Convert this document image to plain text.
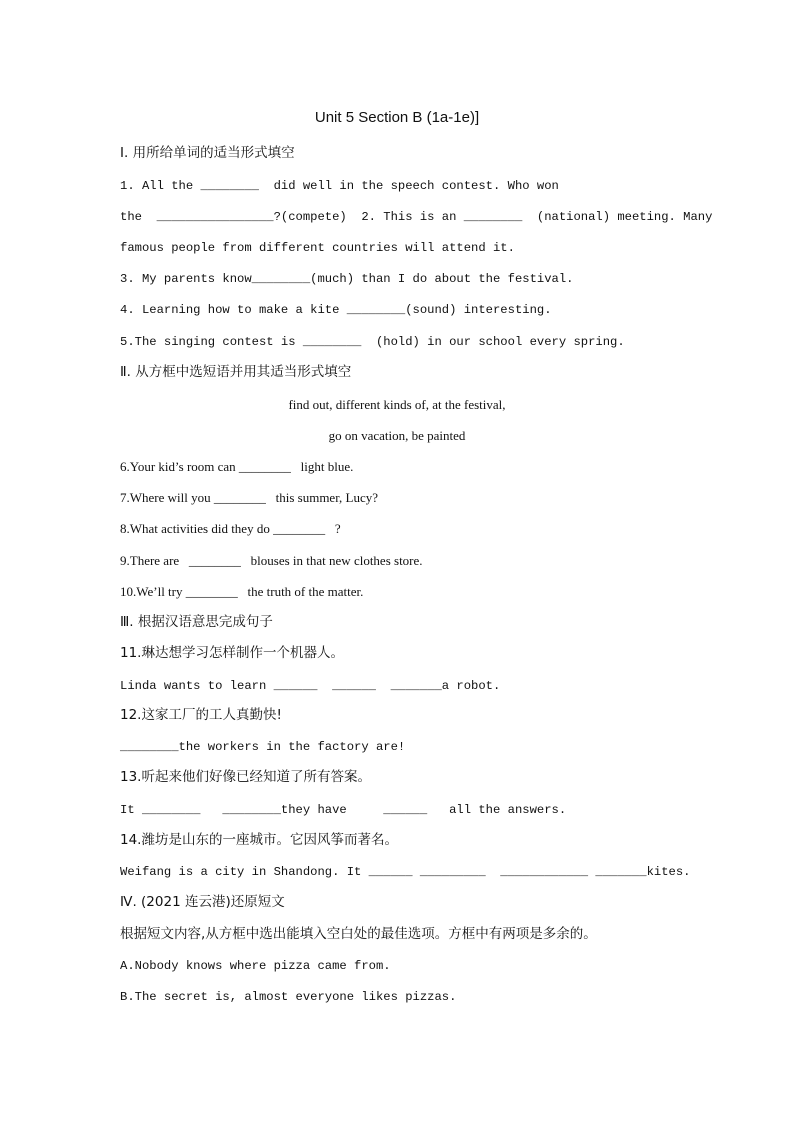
Unit 5 Section B (1a-1e)]
Ⅰ. 用所给单词的适当形式填空
1. All the ________  did well in the speech contest. Who won
the  ________________?(compete)  2. This is an ________  (national) meeting. Many
famous people from different countries will attend it.
3. My parents know________(much) than I do about the festival.
4. Learning how to make a kite ________(sound) interesting.
5.The singing contest is ________  (hold) in our school every spring.
Ⅱ. 从方框中选短语并用其适当形式填空
find out, different kinds of, at the festival,
go on vacation, be painted
6.Your kid’s room can ________   light blue.
7.Where will you ________   this summer, Lucy?
8.What activities did they do ________   ?
9.There are   ________   blouses in that new clothes store.
10.We’ll try ________   the truth of the matter.
Ⅲ. 根据汉语意思完成句子
11.琳达想学习怎样制作一个机器人。
Linda wants to learn ______  ______  _______a robot.
12.这家工厂的工人真勤快!
________the workers in the factory are!
13.听起来他们好像已经知道了所有答案。
It ________   ________they have     ______   all the answers.
14.潍坊是山东的一座城市。它因风筝而著名。
Weifang is a city in Shandong. It ______ _________  ____________ _______kites.
Ⅳ. (2021 连云港)还原短文
根据短文内容,从方框中选出能填入空白处的最佳选项。方框中有两项是多余的。
A.Nobody knows where pizza came from.
B.The secret is, almost everyone likes pizzas.
